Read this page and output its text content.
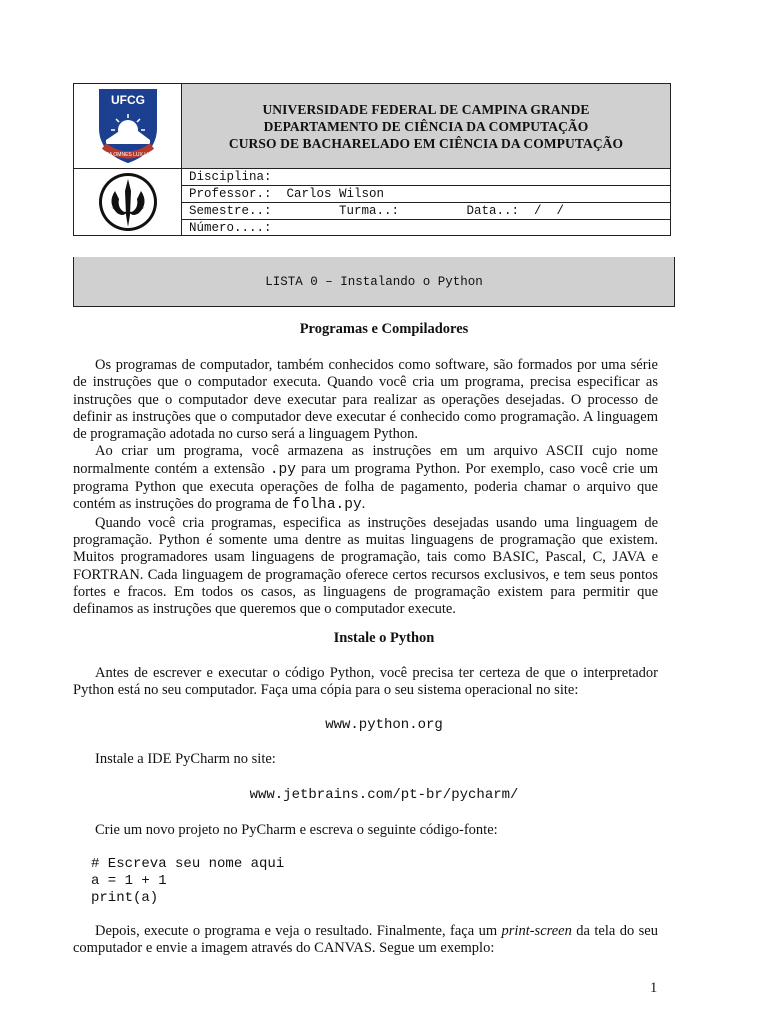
UFCG
SUPRA OMNES LUX LUCES
UNIVERSIDADE FEDERAL DE CAMPINA GRANDE
DEPARTAMENTO DE CIÊNCIA DA COMPUTAÇÃO
CURSO DE BACHARELADO EM CIÊNCIA DA COMPUTAÇÃO
Disciplina:
Professor.:  Carlos Wilson
Semestre..:         Turma..:         Data..:  /  /
Número....:
LISTA 0 – Instalando o Python
Programas e Compiladores

Os programas de computador, também conhecidos como software, são formados por uma série de instruções que o computador executa. Quando você cria um programa, precisa especificar as instruções que o computador deve executar para realizar as operações desejadas. O processo de definir as instruções que o computador deve executar é conhecido como programação. A linguagem de programação adotada no curso será a linguagem Python.

Ao criar um programa, você armazena as instruções em um arquivo ASCII cujo nome normalmente contém a extensão .py para um programa Python. Por exemplo, caso você crie um programa Python que executa operações de folha de pagamento, poderia chamar o arquivo que contém as instruções do programa de folha.py.

Quando você cria programas, especifica as instruções desejadas usando uma linguagem de programação. Python é somente uma dentre as muitas linguagens de programação que existem. Muitos programadores usam linguagens de programação, tais como BASIC, Pascal, C, JAVA e FORTRAN. Cada linguagem de programação oferece certos recursos exclusivos, e tem seus pontos fortes e fracos. Em todos os casos, as linguagens de programação existem para permitir que definamos as instruções que queremos que o computador execute.

Instale o Python

Antes de escrever e executar o código Python, você precisa ter certeza de que o interpretador Python está no seu computador. Faça uma cópia para o seu sistema operacional no site:

www.python.org

Instale a IDE PyCharm no site:

www.jetbrains.com/pt-br/pycharm/

Crie um novo projeto no PyCharm e escreva o seguinte código-fonte:

# Escreva seu nome aqui
a = 1 + 1
print(a)

Depois, execute o programa e veja o resultado. Finalmente, faça um print-screen da tela do seu computador e envie a imagem através do CANVAS. Segue um exemplo:

1
